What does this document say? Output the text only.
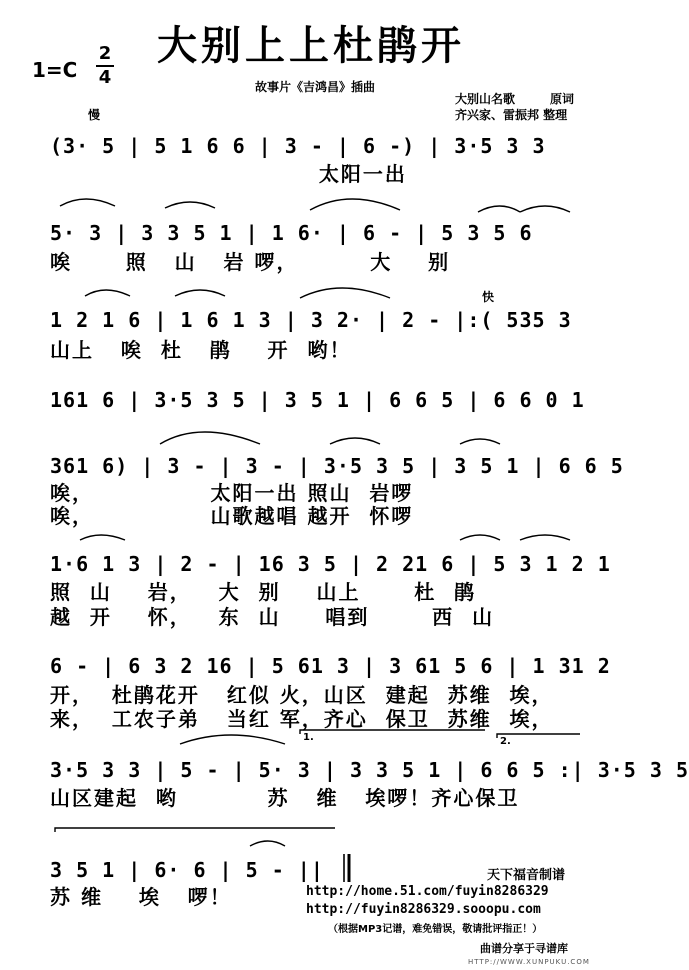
大别上上杜鹃开
1=C
2
4	故事片《吉鸿昌》插曲
大别山名歌	原词
齐兴家、雷振邦 整理
慢
快
(3· 5 | 5 1 6 6 | 3 - | 6 -) | 3·5 3 3
太阳一出
5· 3 | 3 3 5 1 | 1 6· | 6 - | 5 3 5 6
唉      照   山   岩 啰，        大    别
1 2 1 6 | 1 6 1 3 | 3 2· | 2 - |:( 535 3
山上   唉  杜   鹃    开  哟！
161 6 | 3·5 3 5 | 3 5 1 | 6 6 5 | 6 6 0 1
361 6) | 3 - | 3 - | 3·5 3 5 | 3 5 1 | 6 6 5
唉，             太阳一出 照山  岩啰
唉，             山歌越唱 越开  怀啰
1·6 1 3 | 2 - | 16 3 5 | 2 21 6 | 5 3 1 2 1
照  山    岩，   大  别    山上      杜  鹃
越  开    怀，   东  山     唱到       西  山
6 - | 6 3 2 16 | 5 61 3 | 3 61 5 6 | 1 31 2
开，  杜鹃花开   红似 火，山区  建起  苏维  埃，
来，  工农子弟   当红 军，齐心  保卫  苏维  埃，
3·5 3 3 | 5 - | 5· 3 | 3 3 5 1 | 6 6 5 :| 3·5 3 5
山区建起  哟          苏   维   埃啰！齐心保卫
1.	2.
3 5 1 | 6· 6 | 5 - ||
苏 维    埃   啰！
天下福音制谱
http://home.51.com/fuyin8286329
http://fuyin8286329.sooopu.com
（根据MP3记谱，难免错误，敬请批评指正！）
曲谱分享于寻谱库
HTTP://WWW.XUNPUKU.COM
